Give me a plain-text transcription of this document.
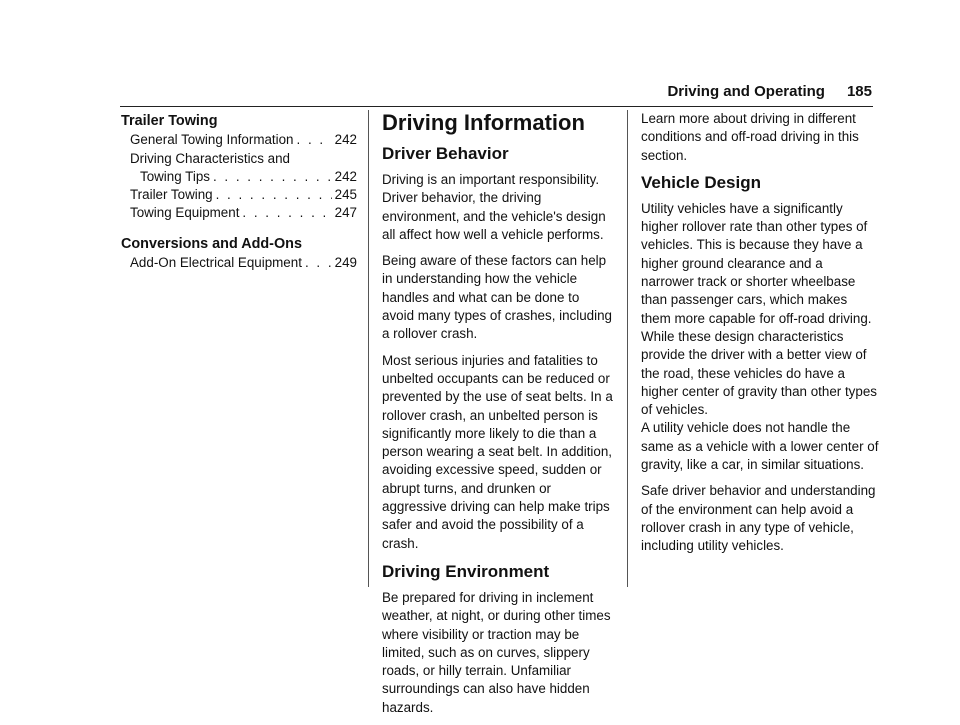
Driving and Operating 185
Trailer Towing
General Towing Information . . .	242
Driving Characteristics and
Towing Tips . . .	242
Trailer Towing . . .	245
Towing Equipment . . .	247
Conversions and Add-Ons
Add-On Electrical Equipment . . . 249
Driving Information
Driver Behavior

Driving is an important responsibility. Driver behavior, the driving environment, and the vehicle's design all affect how well a vehicle performs.

Being aware of these factors can help in understanding how the vehicle handles and what can be done to avoid many types of crashes, including a rollover crash.

Most serious injuries and fatalities to unbelted occupants can be reduced or prevented by the use of seat belts. In a rollover crash, an unbelted person is significantly more likely to die than a person wearing a seat belt. In addition, avoiding excessive speed, sudden or abrupt turns, and drunken or aggressive driving can help make trips safer and avoid the possibility of a crash.

Driving Environment

Be prepared for driving in inclement weather, at night, or during other times where visibility or traction may be limited, such as on curves, slippery roads, or hilly terrain. Unfamiliar surroundings can also have hidden hazards.

Learn more about driving in different conditions and off-road driving in this section.

Vehicle Design

Utility vehicles have a significantly higher rollover rate than other types of vehicles. This is because they have a higher ground clearance and a narrower track or shorter wheelbase than passenger cars, which makes them more capable for off-road driving. While these design characteristics provide the driver with a better view of the road, these vehicles do have a higher center of gravity than other types of vehicles.

A utility vehicle does not handle the same as a vehicle with a lower center of gravity, like a car, in similar situations.

Safe driver behavior and understanding of the environment can help avoid a rollover crash in any type of vehicle, including utility vehicles.
